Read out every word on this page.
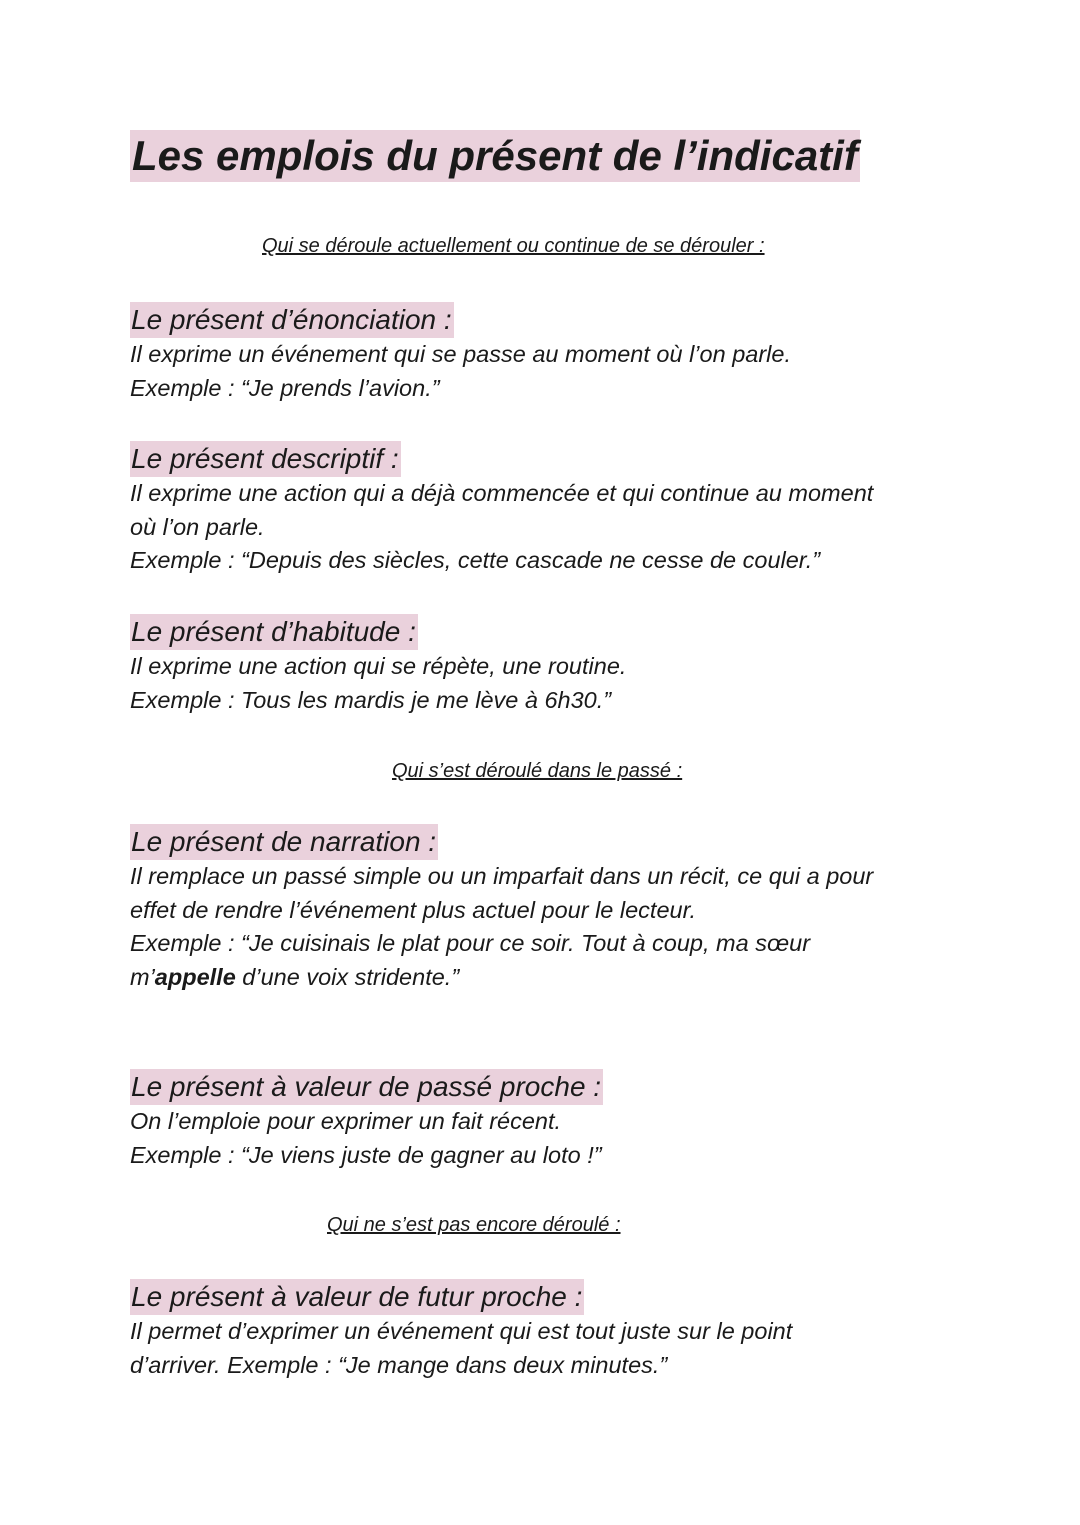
Les emplois du présent de l’indicatif

Qui se déroule actuellement ou continue de se dérouler :

Le présent d’énonciation :

Il exprime un événement qui se passe au moment où l’on parle.
Exemple : “Je prends l’avion.”

Le présent descriptif :

Il exprime une action qui a déjà commencée et qui continue au moment
où l’on parle.
Exemple : “Depuis des siècles, cette cascade ne cesse de couler.”

Le présent d’habitude :

Il exprime une action qui se répète, une routine.
Exemple : Tous les mardis je me lève à 6h30.”

Qui s’est déroulé dans le passé :

Le présent de narration :

Il remplace un passé simple ou un imparfait dans un récit, ce qui a pour
effet de rendre l’événement plus actuel pour le lecteur.
Exemple : “Je cuisinais le plat pour ce soir. Tout à coup, ma sœur
m’appelle d’une voix stridente.”

Le présent à valeur de passé proche :

On l’emploie pour exprimer un fait récent.
Exemple : “Je viens juste de gagner au loto !”

Qui ne s’est pas encore déroulé :

Le présent à valeur de futur proche :

Il permet d’exprimer un événement qui est tout juste sur le point
d’arriver. Exemple : “Je mange dans deux minutes.”
